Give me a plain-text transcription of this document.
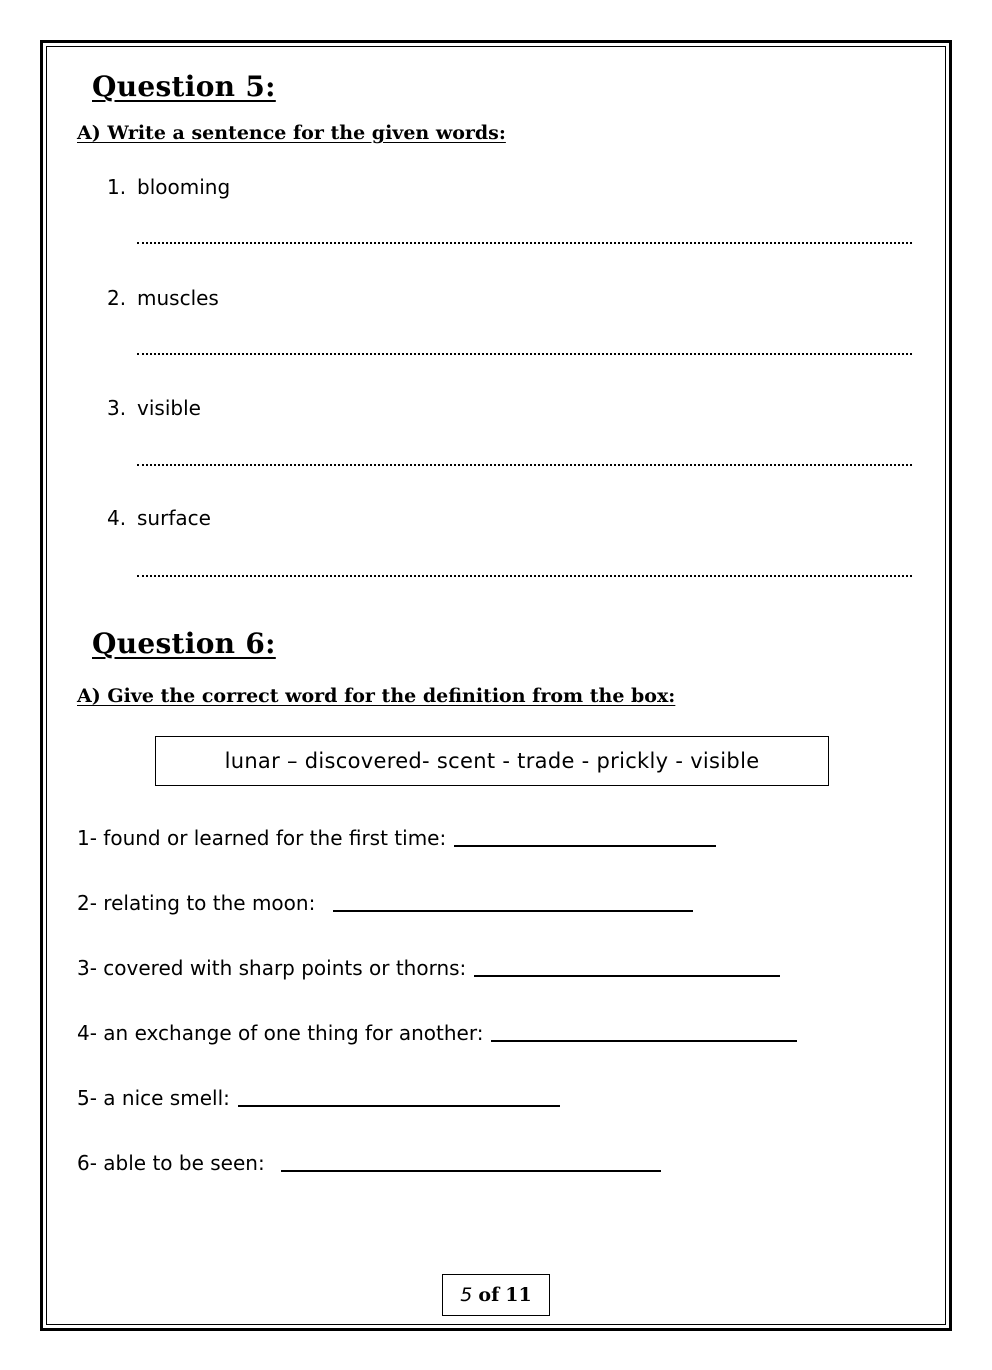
Question 5:
A) Write a sentence for the given words:
1. blooming
2. muscles
3. visible
4. surface
Question 6:
A) Give the correct word for the definition from the box:
lunar – discovered- scent - trade - prickly - visible
1- found or learned for the first time:
2- relating to the moon:
3- covered with sharp points or thorns:
4- an exchange of one thing for another:
5- a nice smell:
6- able to be seen:
5 of 11
